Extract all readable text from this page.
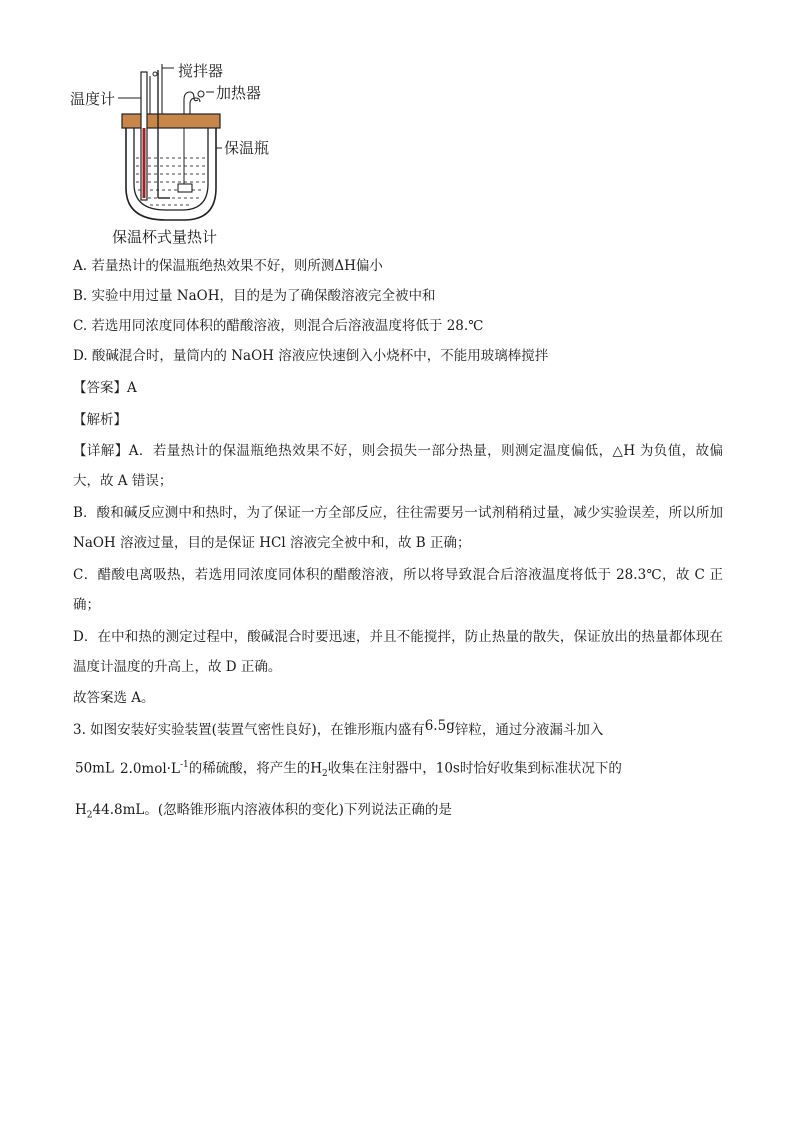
搅拌器
温度计	加热器
保温瓶
保温杯式量热计
A. 若量热计的保温瓶绝热效果不好，则所测ΔH偏小
B. 实验中用过量 NaOH，目的是为了确保酸溶液完全被中和
C. 若选用同浓度同体积的醋酸溶液，则混合后溶液温度将低于 28.℃
D. 酸碱混合时，量筒内的 NaOH 溶液应快速倒入小烧杯中，不能用玻璃棒搅拌
【答案】A
【解析】
【详解】A．若量热计的保温瓶绝热效果不好，则会损失一部分热量，则测定温度偏低，△H 为负值，故偏大，故 A 错误；
B．酸和碱反应测中和热时，为了保证一方全部反应，往往需要另一试剂稍稍过量，减少实验误差，所以所加 NaOH 溶液过量，目的是保证 HCl 溶液完全被中和，故 B 正确；
C．醋酸电离吸热，若选用同浓度同体积的醋酸溶液，所以将导致混合后溶液温度将低于 28.3℃，故 C 正确；
D．在中和热的测定过程中，酸碱混合时要迅速，并且不能搅拌，防止热量的散失，保证放出的热量都体现在温度计温度的升高上，故 D 正确。
故答案选 A。
3. 如图安装好实验装置(装置气密性良好)，在锥形瓶内盛有6.5g锌粒，通过分液漏斗加入
50mL $2.0mol\cdot L^{-1}$的稀硫酸，将产生的$H_2$收集在注射器中，10s时恰好收集到标准状况下的
$H_244.8mL$。(忽略锥形瓶内溶液体积的变化)下列说法正确的是
